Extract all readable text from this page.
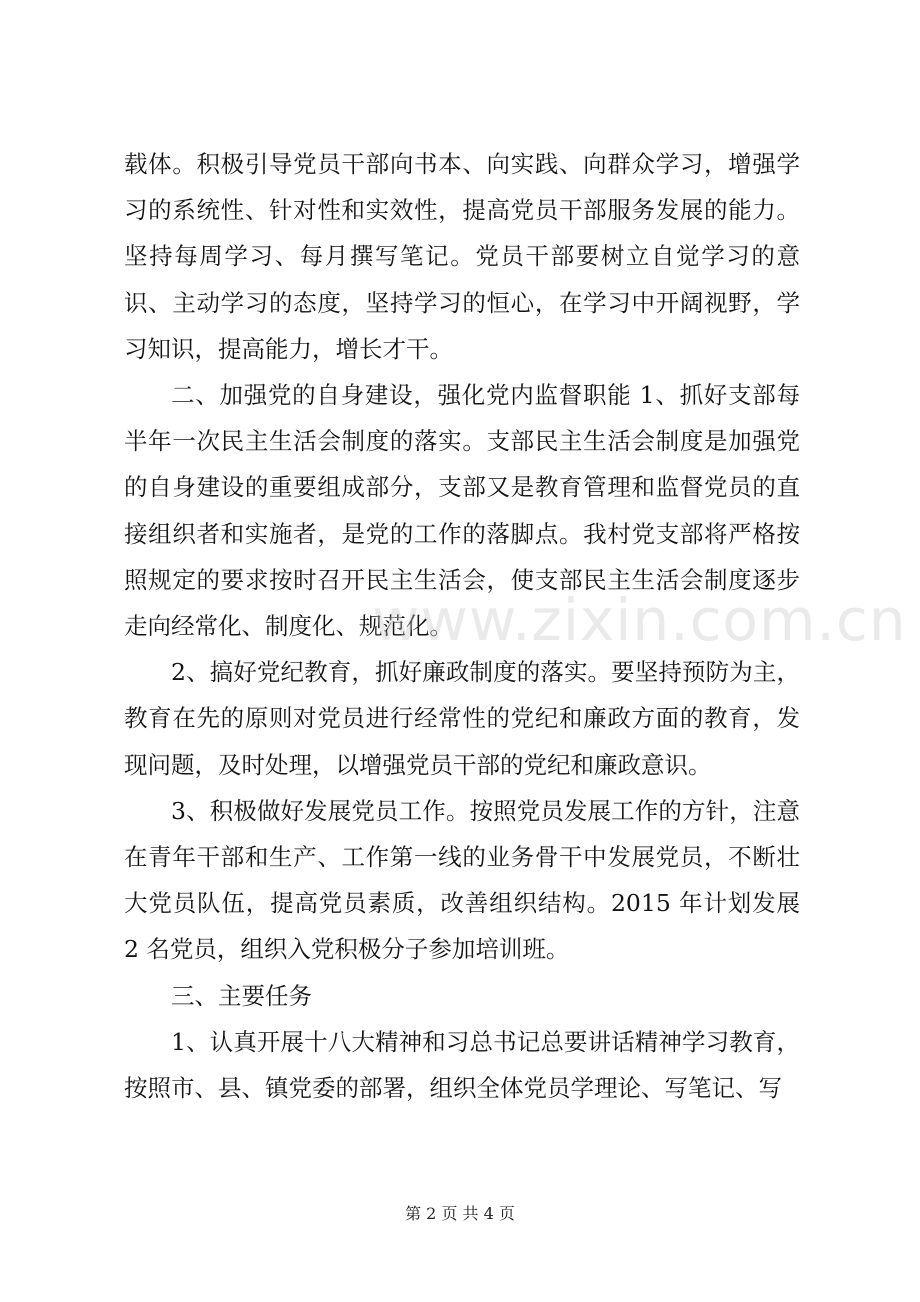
载体。积极引导党员干部向书本、向实践、向群众学习，增强学习的系统性、针对性和实效性，提高党员干部服务发展的能力。坚持每周学习、每月撰写笔记。党员干部要树立自觉学习的意识、主动学习的态度，坚持学习的恒心，在学习中开阔视野，学习知识，提高能力，增长才干。

二、加强党的自身建设，强化党内监督职能 1、抓好支部每半年一次民主生活会制度的落实。支部民主生活会制度是加强党的自身建设的重要组成部分，支部又是教育管理和监督党员的直接组织者和实施者，是党的工作的落脚点。我村党支部将严格按照规定的要求按时召开民主生活会，使支部民主生活会制度逐步走向经常化、制度化、规范化。

2、搞好党纪教育，抓好廉政制度的落实。要坚持预防为主，教育在先的原则对党员进行经常性的党纪和廉政方面的教育，发现问题，及时处理，以增强党员干部的党纪和廉政意识。

3、积极做好发展党员工作。按照党员发展工作的方针，注意在青年干部和生产、工作第一线的业务骨干中发展党员，不断壮大党员队伍，提高党员素质，改善组织结构。2015 年计划发展 2 名党员，组织入党积极分子参加培训班。

三、主要任务

1、认真开展十八大精神和习总书记总要讲话精神学习教育，按照市、县、镇党委的部署，组织全体党员学理论、写笔记、写

www.zixin.com.cn
第 2 页 共 4 页
